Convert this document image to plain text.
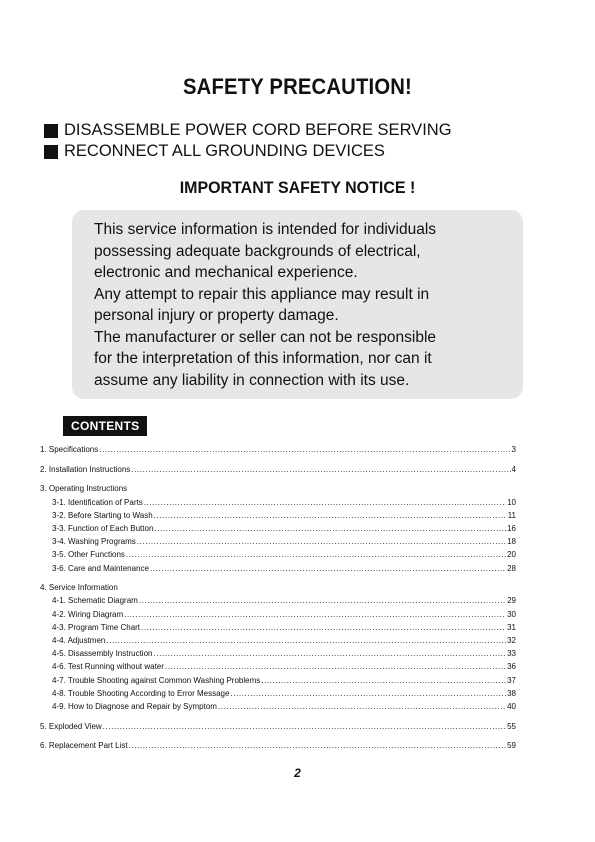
SAFETY PRECAUTION!
DISASSEMBLE POWER CORD BEFORE SERVING
RECONNECT ALL GROUNDING DEVICES
IMPORTANT SAFETY NOTICE !
This service information is intended for individuals
possessing adequate backgrounds of electrical,
electronic and mechanical experience.
Any attempt to repair this appliance may result in
personal injury or property damage.
The manufacturer or seller can not be responsible
for the interpretation of this information, nor can it
assume any liability in connection with its use.
CONTENTS
1. Specifications .....	3
2. Installation Instructions .....	4
3. Operating Instructions
3-1. Identification of Parts .....	10
3-2. Before Starting to Wash .....	11
3-3. Function of Each Button .....	16
3-4. Washing Programs .....	18
3-5. Other Functions .....	20
3-6. Care and Maintenance .....	28
4. Service Information
4-1. Schematic Diagram .....	29
4-2. Wiring Diagram .....	30
4-3. Program Time Chart .....	31
4-4. Adjustmen .....	32
4-5. Disassembly Instruction .....	33
4-6. Test Running without water .....	36
4-7. Trouble Shooting against Common Washing Problems .....	37
4-8. Trouble Shooting According to Error Message .....	38
4-9. How to Diagnose and Repair by Symptom .....	40
5. Exploded View .....	55
6. Replacement Part List .....	59
2
